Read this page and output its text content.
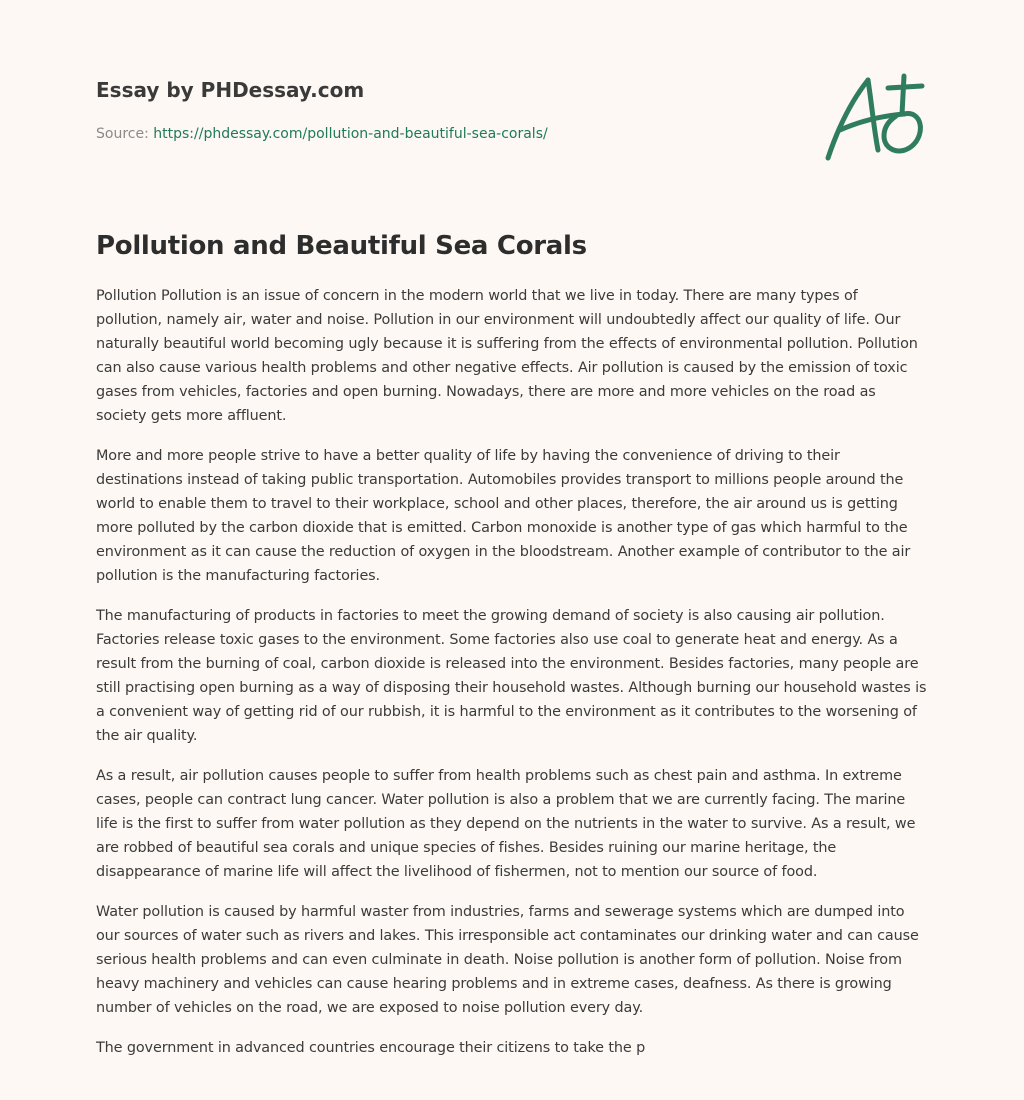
Essay by PHDessay.com
Source: https://phdessay.com/pollution-and-beautiful-sea-corals/
Pollution and Beautiful Sea Corals

Pollution Pollution is an issue of concern in the modern world that we live in today. There are many types of pollution, namely air, water and noise. Pollution in our environment will undoubtedly affect our quality of life. Our naturally beautiful world becoming ugly because it is suffering from the effects of environmental pollution. Pollution can also cause various health problems and other negative effects. Air pollution is caused by the emission of toxic gases from vehicles, factories and open burning. Nowadays, there are more and more vehicles on the road as society gets more affluent.

More and more people strive to have a better quality of life by having the convenience of driving to their destinations instead of taking public transportation. Automobiles provides transport to millions people around the world to enable them to travel to their workplace, school and other places, therefore, the air around us is getting more polluted by the carbon dioxide that is emitted. Carbon monoxide is another type of gas which harmful to the environment as it can cause the reduction of oxygen in the bloodstream. Another example of contributor to the air pollution is the manufacturing factories.

The manufacturing of products in factories to meet the growing demand of society is also causing air pollution. Factories release toxic gases to the environment. Some factories also use coal to generate heat and energy. As a result from the burning of coal, carbon dioxide is released into the environment. Besides factories, many people are still practising open burning as a way of disposing their household wastes. Although burning our household wastes is a convenient way of getting rid of our rubbish, it is harmful to the environment as it contributes to the worsening of the air quality.

As a result, air pollution causes people to suffer from health problems such as chest pain and asthma. In extreme cases, people can contract lung cancer. Water pollution is also a problem that we are currently facing. The marine life is the first to suffer from water pollution as they depend on the nutrients in the water to survive. As a result, we are robbed of beautiful sea corals and unique species of fishes. Besides ruining our marine heritage, the disappearance of marine life will affect the livelihood of fishermen, not to mention our source of food.

Water pollution is caused by harmful waster from industries, farms and sewerage systems which are dumped into our sources of water such as rivers and lakes. This irresponsible act contaminates our drinking water and can cause serious health problems and can even culminate in death. Noise pollution is another form of pollution. Noise from heavy machinery and vehicles can cause hearing problems and in extreme cases, deafness. As there is growing number of vehicles on the road, we are exposed to noise pollution every day.

The government in advanced countries encourage their citizens to take the p
